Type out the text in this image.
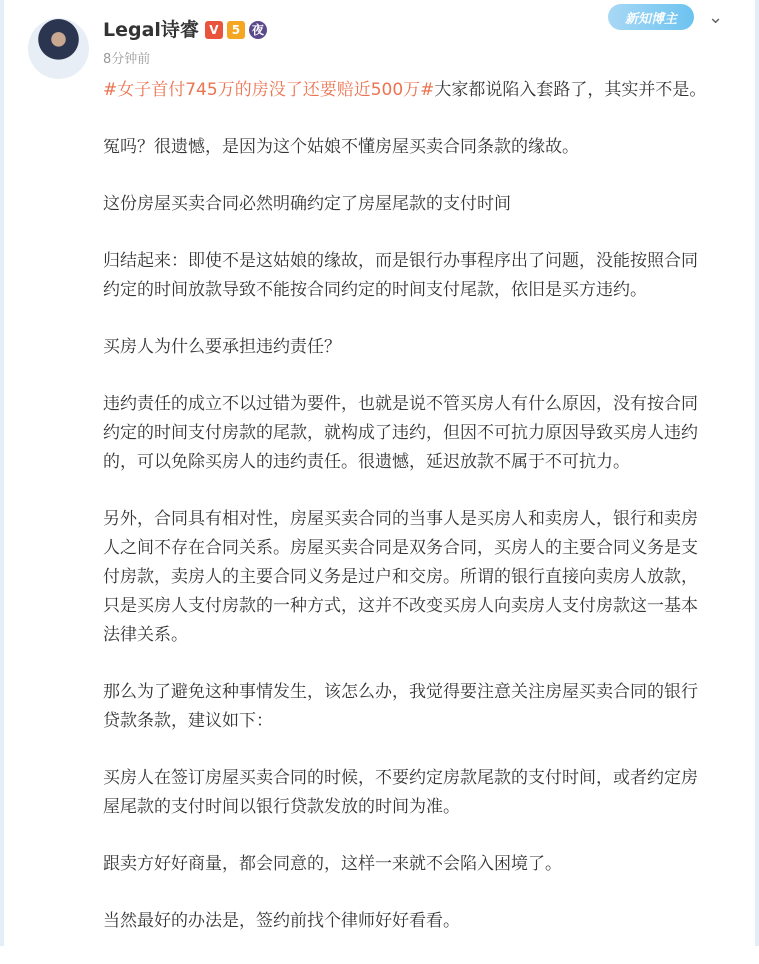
Legal诗睿 V	5 夜
8分钟前
新知博主	⌄

#女子首付745万的房没了还要赔近500万#大家都说陷入套路了，其实并不是。

冤吗？很遗憾，是因为这个姑娘不懂房屋买卖合同条款的缘故。

这份房屋买卖合同必然明确约定了房屋尾款的支付时间

归结起来：即使不是这姑娘的缘故，而是银行办事程序出了问题，没能按照合同
约定的时间放款导致不能按合同约定的时间支付尾款，依旧是买方违约。

买房人为什么要承担违约责任？

违约责任的成立不以过错为要件，也就是说不管买房人有什么原因，没有按合同
约定的时间支付房款的尾款，就构成了违约，但因不可抗力原因导致买房人违约
的，可以免除买房人的违约责任。很遗憾，延迟放款不属于不可抗力。

另外，合同具有相对性，房屋买卖合同的当事人是买房人和卖房人，银行和卖房
人之间不存在合同关系。房屋买卖合同是双务合同，买房人的主要合同义务是支
付房款，卖房人的主要合同义务是过户和交房。所谓的银行直接向卖房人放款，
只是买房人支付房款的一种方式，这并不改变买房人向卖房人支付房款这一基本
法律关系。

那么为了避免这种事情发生，该怎么办，我觉得要注意关注房屋买卖合同的银行
贷款条款，建议如下：

买房人在签订房屋买卖合同的时候，不要约定房款尾款的支付时间，或者约定房
屋尾款的支付时间以银行贷款发放的时间为准。

跟卖方好好商量，都会同意的，这样一来就不会陷入困境了。

当然最好的办法是，签约前找个律师好好看看。
